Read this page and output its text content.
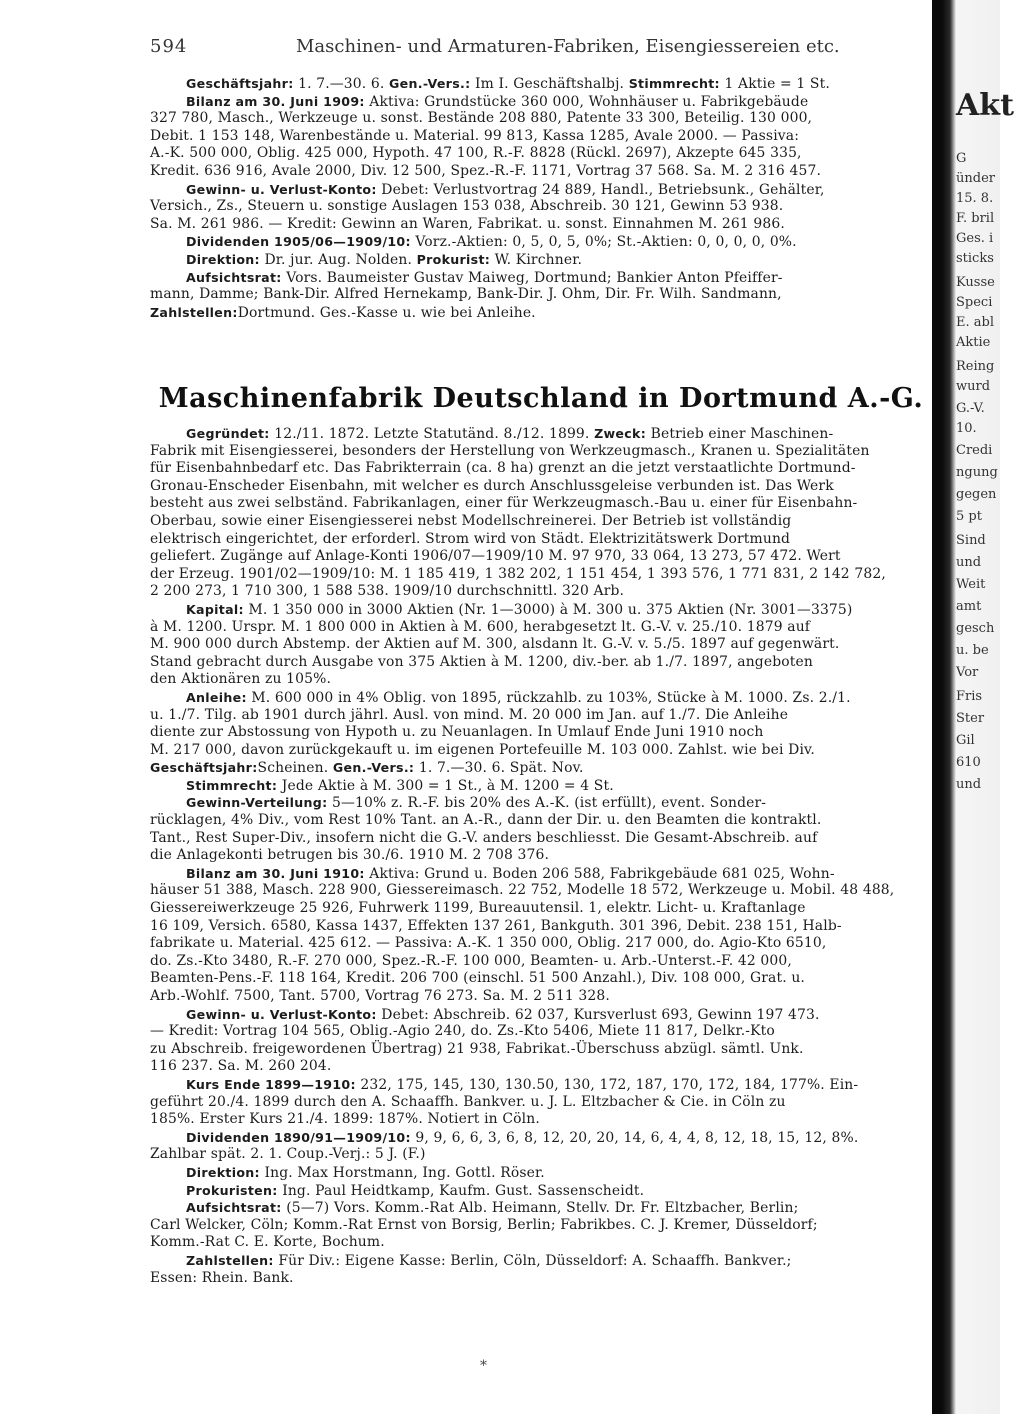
Akt
G
ünder
15. 8.
F. bril
Ges. i
sticks
Kusse
Speci
E. abl
Aktie
Reing
wurd
G.-V.
10.
Credi
ngung
gegen
5 pt
Sind
und
Weit
amt
gesch
u. be
Vor
Fris
Ster
Gil
610
und
594	Maschinen- und Armaturen-Fabriken, Eisengiessereien etc.
Geschäftsjahr: 1. 7.—30. 6. Gen.-Vers.: Im I. Geschäftshalbj. Stimmrecht: 1 Aktie = 1 St.
Bilanz am 30. Juni 1909: Aktiva: Grundstücke 360 000, Wohnhäuser u. Fabrikgebäude
327 780, Masch., Werkzeuge u. sonst. Bestände 208 880, Patente 33 300, Beteilig. 130 000,
Debit. 1 153 148, Warenbestände u. Material. 99 813, Kassa 1285, Avale 2000. — Passiva:
A.-K. 500 000, Oblig. 425 000, Hypoth. 47 100, R.-F. 8828 (Rückl. 2697), Akzepte 645 335,
Kredit. 636 916, Avale 2000, Div. 12 500, Spez.-R.-F. 1171, Vortrag 37 568. Sa. M. 2 316 457.
Gewinn- u. Verlust-Konto: Debet: Verlustvortrag 24 889, Handl., Betriebsunk., Gehälter,
Versich., Zs., Steuern u. sonstige Auslagen 153 038, Abschreib. 30 121, Gewinn 53 938.
Sa. M. 261 986. — Kredit: Gewinn an Waren, Fabrikat. u. sonst. Einnahmen M. 261 986.
Dividenden 1905/06—1909/10: Vorz.-Aktien: 0, 5, 0, 5, 0%; St.-Aktien: 0, 0, 0, 0, 0%.
Direktion: Dr. jur. Aug. Nolden. Prokurist: W. Kirchner.
Aufsichtsrat: Vors. Baumeister Gustav Maiweg, Dortmund; Bankier Anton Pfeiffer-
mann, Damme; Bank-Dir. Alfred Hernekamp, Bank-Dir. J. Ohm, Dir. Fr. Wilh. Sandmann,
Zahlstellen:Dortmund. Ges.-Kasse u. wie bei Anleihe.
Maschinenfabrik Deutschland in Dortmund A.-G.
Gegründet: 12./11. 1872. Letzte Statutänd. 8./12. 1899. Zweck: Betrieb einer Maschinen-
Fabrik mit Eisengiesserei, besonders der Herstellung von Werkzeugmasch., Kranen u. Spezialitäten
für Eisenbahnbedarf etc. Das Fabrikterrain (ca. 8 ha) grenzt an die jetzt verstaatlichte Dortmund-
Gronau-Enscheder Eisenbahn, mit welcher es durch Anschlussgeleise verbunden ist. Das Werk
besteht aus zwei selbständ. Fabrikanlagen, einer für Werkzeugmasch.-Bau u. einer für Eisenbahn-
Oberbau, sowie einer Eisengiesserei nebst Modellschreinerei. Der Betrieb ist vollständig
elektrisch eingerichtet, der erforderl. Strom wird von Städt. Elektrizitätswerk Dortmund
geliefert. Zugänge auf Anlage-Konti 1906/07—1909/10 M. 97 970, 33 064, 13 273, 57 472. Wert
der Erzeug. 1901/02—1909/10: M. 1 185 419, 1 382 202, 1 151 454, 1 393 576, 1 771 831, 2 142 782,
2 200 273, 1 710 300, 1 588 538. 1909/10 durchschnittl. 320 Arb.
Kapital: M. 1 350 000 in 3000 Aktien (Nr. 1—3000) à M. 300 u. 375 Aktien (Nr. 3001—3375)
à M. 1200. Urspr. M. 1 800 000 in Aktien à M. 600, herabgesetzt lt. G.-V. v. 25./10. 1879 auf
M. 900 000 durch Abstemp. der Aktien auf M. 300, alsdann lt. G.-V. v. 5./5. 1897 auf gegenwärt.
Stand gebracht durch Ausgabe von 375 Aktien à M. 1200, div.-ber. ab 1./7. 1897, angeboten
den Aktionären zu 105%.
Anleihe: M. 600 000 in 4% Oblig. von 1895, rückzahlb. zu 103%, Stücke à M. 1000. Zs. 2./1.
u. 1./7. Tilg. ab 1901 durch jährl. Ausl. von mind. M. 20 000 im Jan. auf 1./7. Die Anleihe
diente zur Abstossung von Hypoth u. zu Neuanlagen. In Umlauf Ende Juni 1910 noch
M. 217 000, davon zurückgekauft u. im eigenen Portefeuille M. 103 000. Zahlst. wie bei Div.
Geschäftsjahr:Scheinen. Gen.-Vers.: 1. 7.—30. 6. Spät. Nov.
Stimmrecht: Jede Aktie à M. 300 = 1 St., à M. 1200 = 4 St.
Gewinn-Verteilung: 5—10% z. R.-F. bis 20% des A.-K. (ist erfüllt), event. Sonder-
rücklagen, 4% Div., vom Rest 10% Tant. an A.-R., dann der Dir. u. den Beamten die kontraktl.
Tant., Rest Super-Div., insofern nicht die G.-V. anders beschliesst. Die Gesamt-Abschreib. auf
die Anlagekonti betrugen bis 30./6. 1910 M. 2 708 376.
Bilanz am 30. Juni 1910: Aktiva: Grund u. Boden 206 588, Fabrikgebäude 681 025, Wohn-
häuser 51 388, Masch. 228 900, Giessereimasch. 22 752, Modelle 18 572, Werkzeuge u. Mobil. 48 488,
Giessereiwerkzeuge 25 926, Fuhrwerk 1199, Bureauutensil. 1, elektr. Licht- u. Kraftanlage
16 109, Versich. 6580, Kassa 1437, Effekten 137 261, Bankguth. 301 396, Debit. 238 151, Halb-
fabrikate u. Material. 425 612. — Passiva: A.-K. 1 350 000, Oblig. 217 000, do. Agio-Kto 6510,
do. Zs.-Kto 3480, R.-F. 270 000, Spez.-R.-F. 100 000, Beamten- u. Arb.-Unterst.-F. 42 000,
Beamten-Pens.-F. 118 164, Kredit. 206 700 (einschl. 51 500 Anzahl.), Div. 108 000, Grat. u.
Arb.-Wohlf. 7500, Tant. 5700, Vortrag 76 273. Sa. M. 2 511 328.
Gewinn- u. Verlust-Konto: Debet: Abschreib. 62 037, Kursverlust 693, Gewinn 197 473.
— Kredit: Vortrag 104 565, Oblig.-Agio 240, do. Zs.-Kto 5406, Miete 11 817, Delkr.-Kto
zu Abschreib. freigewordenen Übertrag) 21 938, Fabrikat.-Überschuss abzügl. sämtl. Unk.
116 237. Sa. M. 260 204.
Kurs Ende 1899—1910: 232, 175, 145, 130, 130.50, 130, 172, 187, 170, 172, 184, 177%. Ein-
geführt 20./4. 1899 durch den A. Schaaffh. Bankver. u. J. L. Eltzbacher & Cie. in Cöln zu
185%. Erster Kurs 21./4. 1899: 187%. Notiert in Cöln.
Dividenden 1890/91—1909/10: 9, 9, 6, 6, 3, 6, 8, 12, 20, 20, 14, 6, 4, 4, 8, 12, 18, 15, 12, 8%.
Zahlbar spät. 2. 1. Coup.-Verj.: 5 J. (F.)
Direktion: Ing. Max Horstmann, Ing. Gottl. Röser.
Prokuristen: Ing. Paul Heidtkamp, Kaufm. Gust. Sassenscheidt.
Aufsichtsrat: (5—7) Vors. Komm.-Rat Alb. Heimann, Stellv. Dr. Fr. Eltzbacher, Berlin;
Carl Welcker, Cöln; Komm.-Rat Ernst von Borsig, Berlin; Fabrikbes. C. J. Kremer, Düsseldorf;
Komm.-Rat C. E. Korte, Bochum.
Zahlstellen: Für Div.: Eigene Kasse: Berlin, Cöln, Düsseldorf: A. Schaaffh. Bankver.;
Essen: Rhein. Bank.
*
